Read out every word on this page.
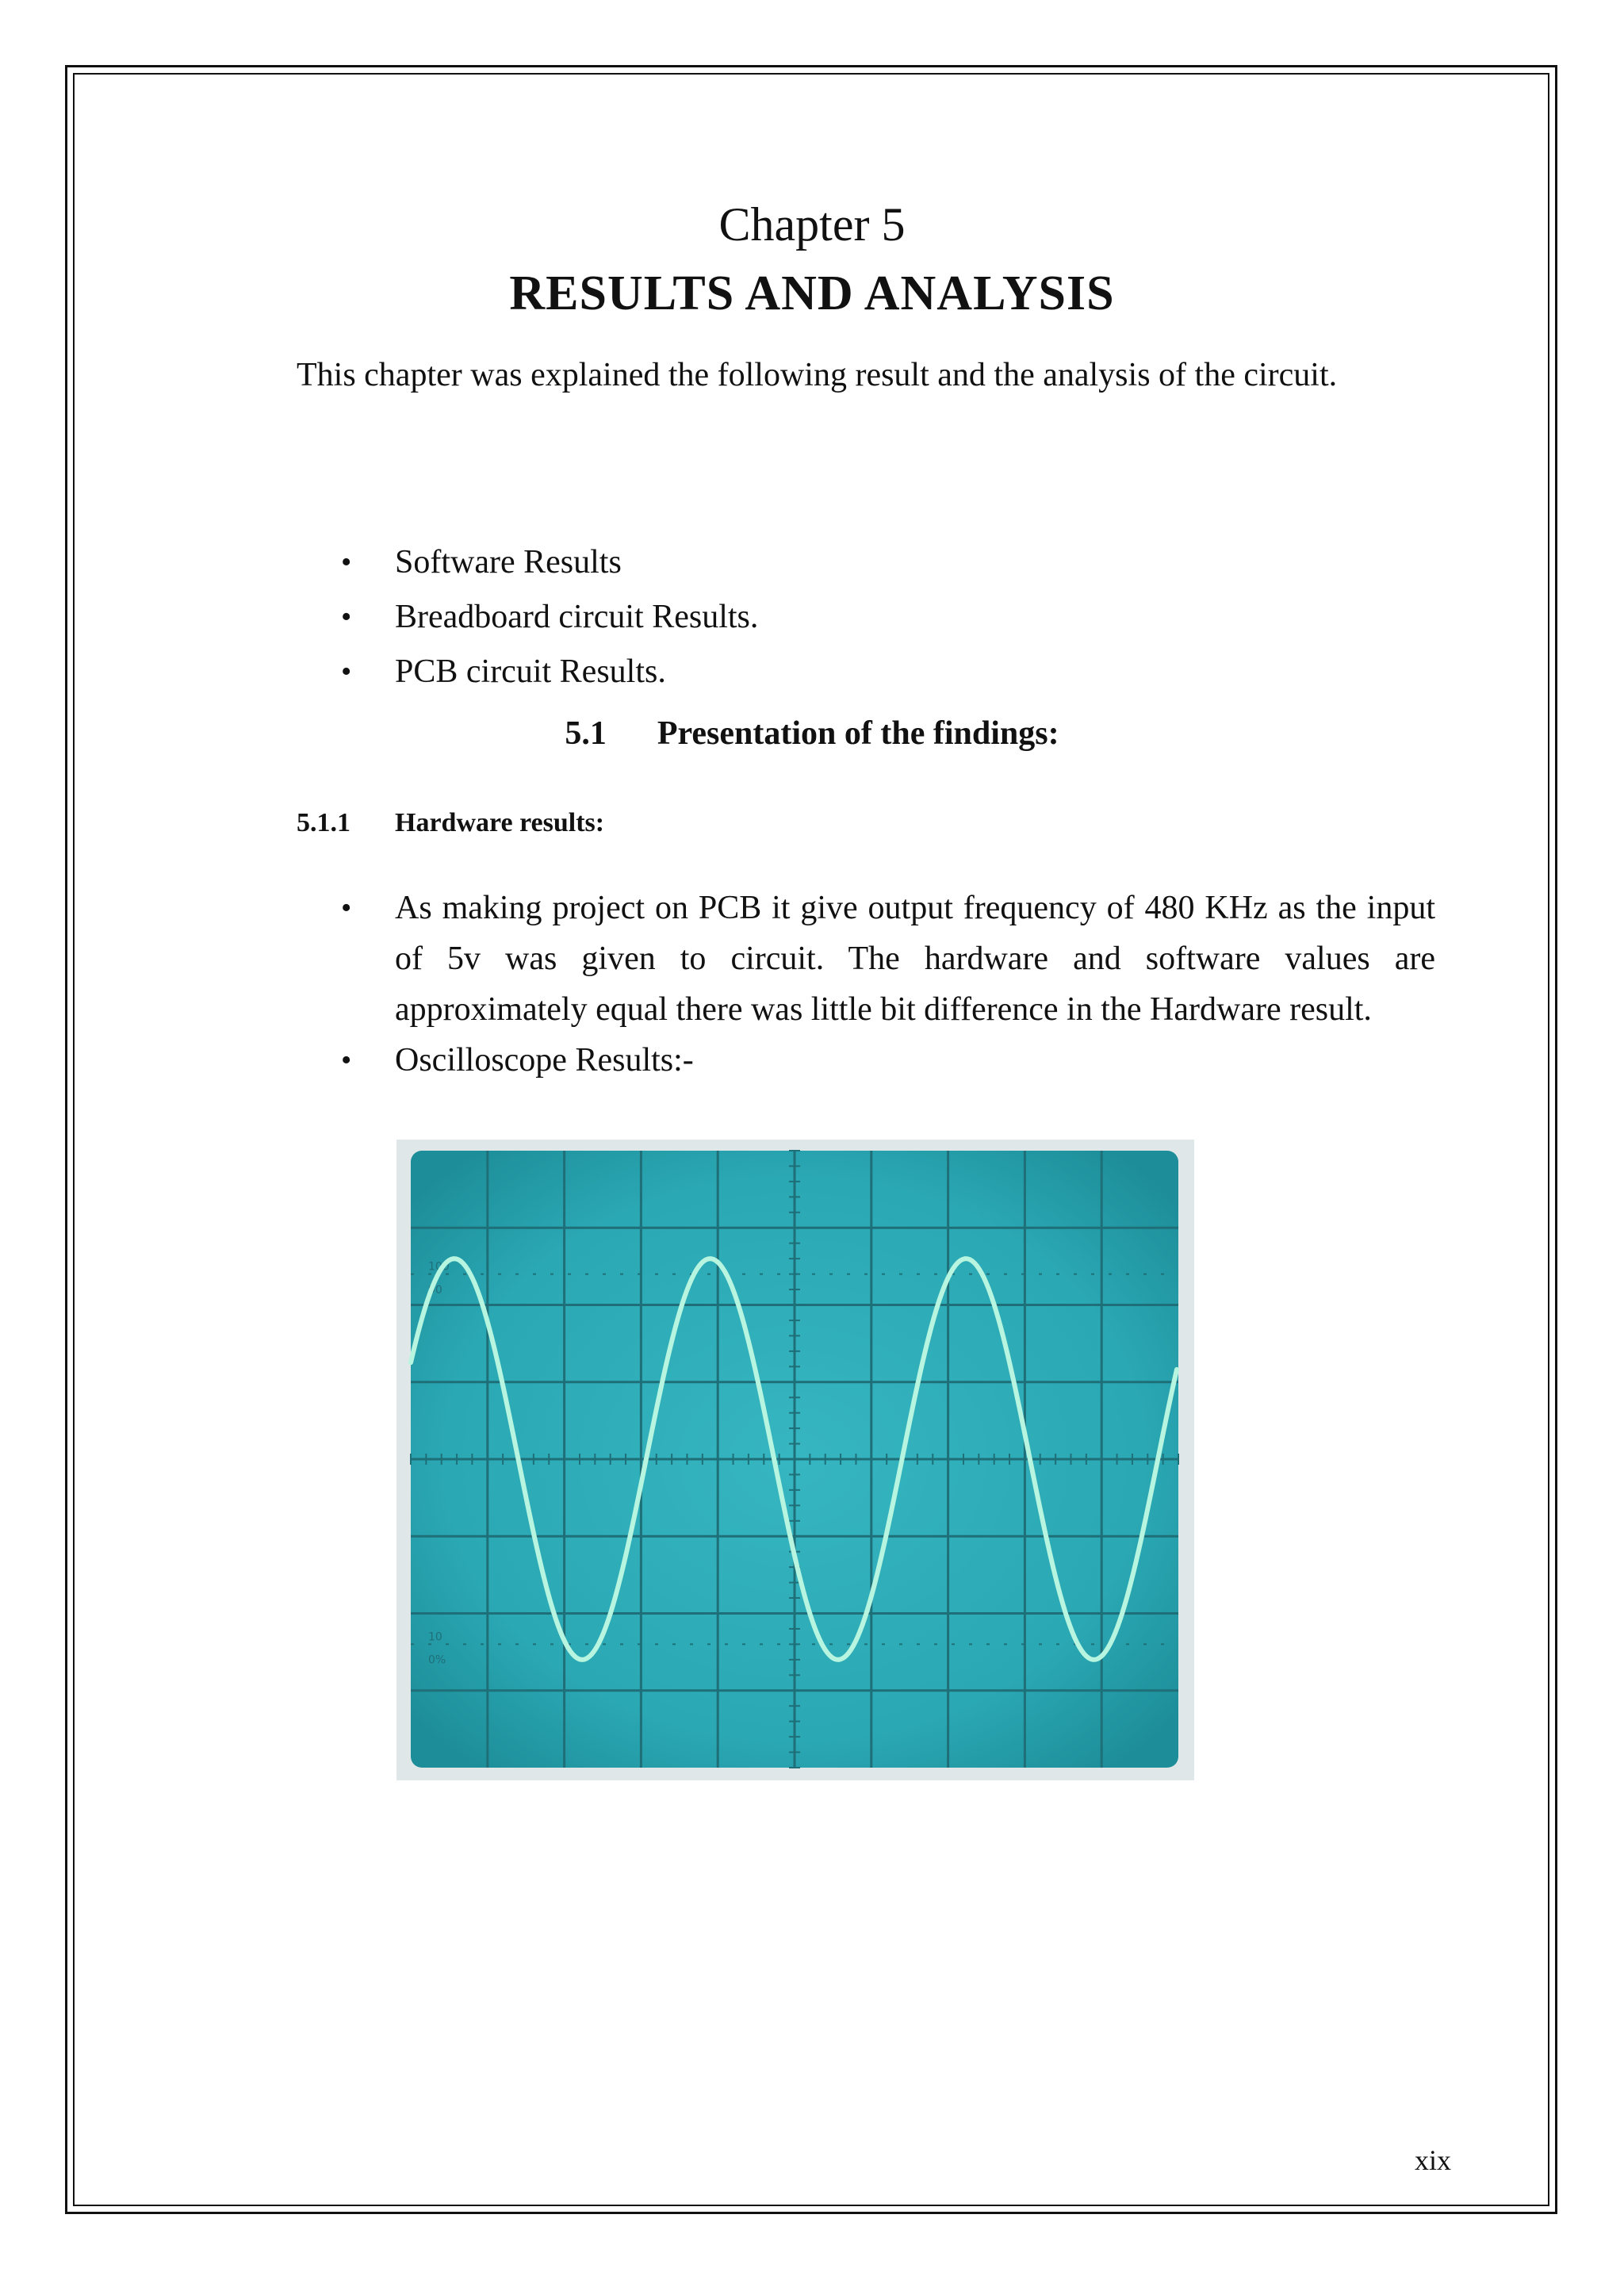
Chapter 5
RESULTS AND ANALYSIS

This chapter was explained the following result and the analysis of the circuit.

• Software Results
• Breadboard circuit Results.
• PCB circuit Results.
5.1 Presentation of the findings:
5.1.1 Hardware results:
• As making project on PCB it give output frequency of 480 KHz as the input of 5v was given to circuit. The hardware and software values are approximately equal there was little bit difference in the Hardware result.
• Oscilloscope Results:-
100
90
10
0%
xix
